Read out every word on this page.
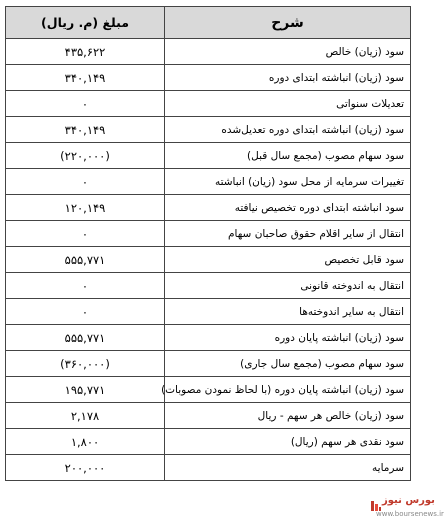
شرح
مبلغ (م. ریال)
سود (زیان) خالص
۴۳۵,۶۲۲
سود (زیان) انباشته ابتدای دوره
۳۴۰,۱۴۹
تعدیلات سنواتی
۰
سود (زیان) انباشته ابتدای دوره تعدیل‌شده
۳۴۰,۱۴۹
سود سهام مصوب (مجمع سال قبل)
(۲۲۰,۰۰۰)
تغییرات سرمایه از محل سود (زیان) انباشته
۰
سود انباشته ابتدای دوره تخصیص نیافته
۱۲۰,۱۴۹
انتقال از سایر اقلام حقوق صاحبان سهام
۰
سود قابل تخصیص
۵۵۵,۷۷۱
انتقال به اندوخته قانونی
۰
انتقال به سایر اندوخته‌ها
۰
سود (زیان) انباشته پایان دوره
۵۵۵,۷۷۱
سود سهام مصوب (مجمع سال جاری)
(۳۶۰,۰۰۰)
سود (زیان) انباشته پایان دوره (با لحاظ نمودن مصوبات)
۱۹۵,۷۷۱
سود (زیان) خالص هر سهم - ریال
۲,۱۷۸
سود نقدی هر سهم (ریال)
۱,۸۰۰
سرمایه
۲۰۰,۰۰۰
بورس نیوز
www.boursenews.ir
